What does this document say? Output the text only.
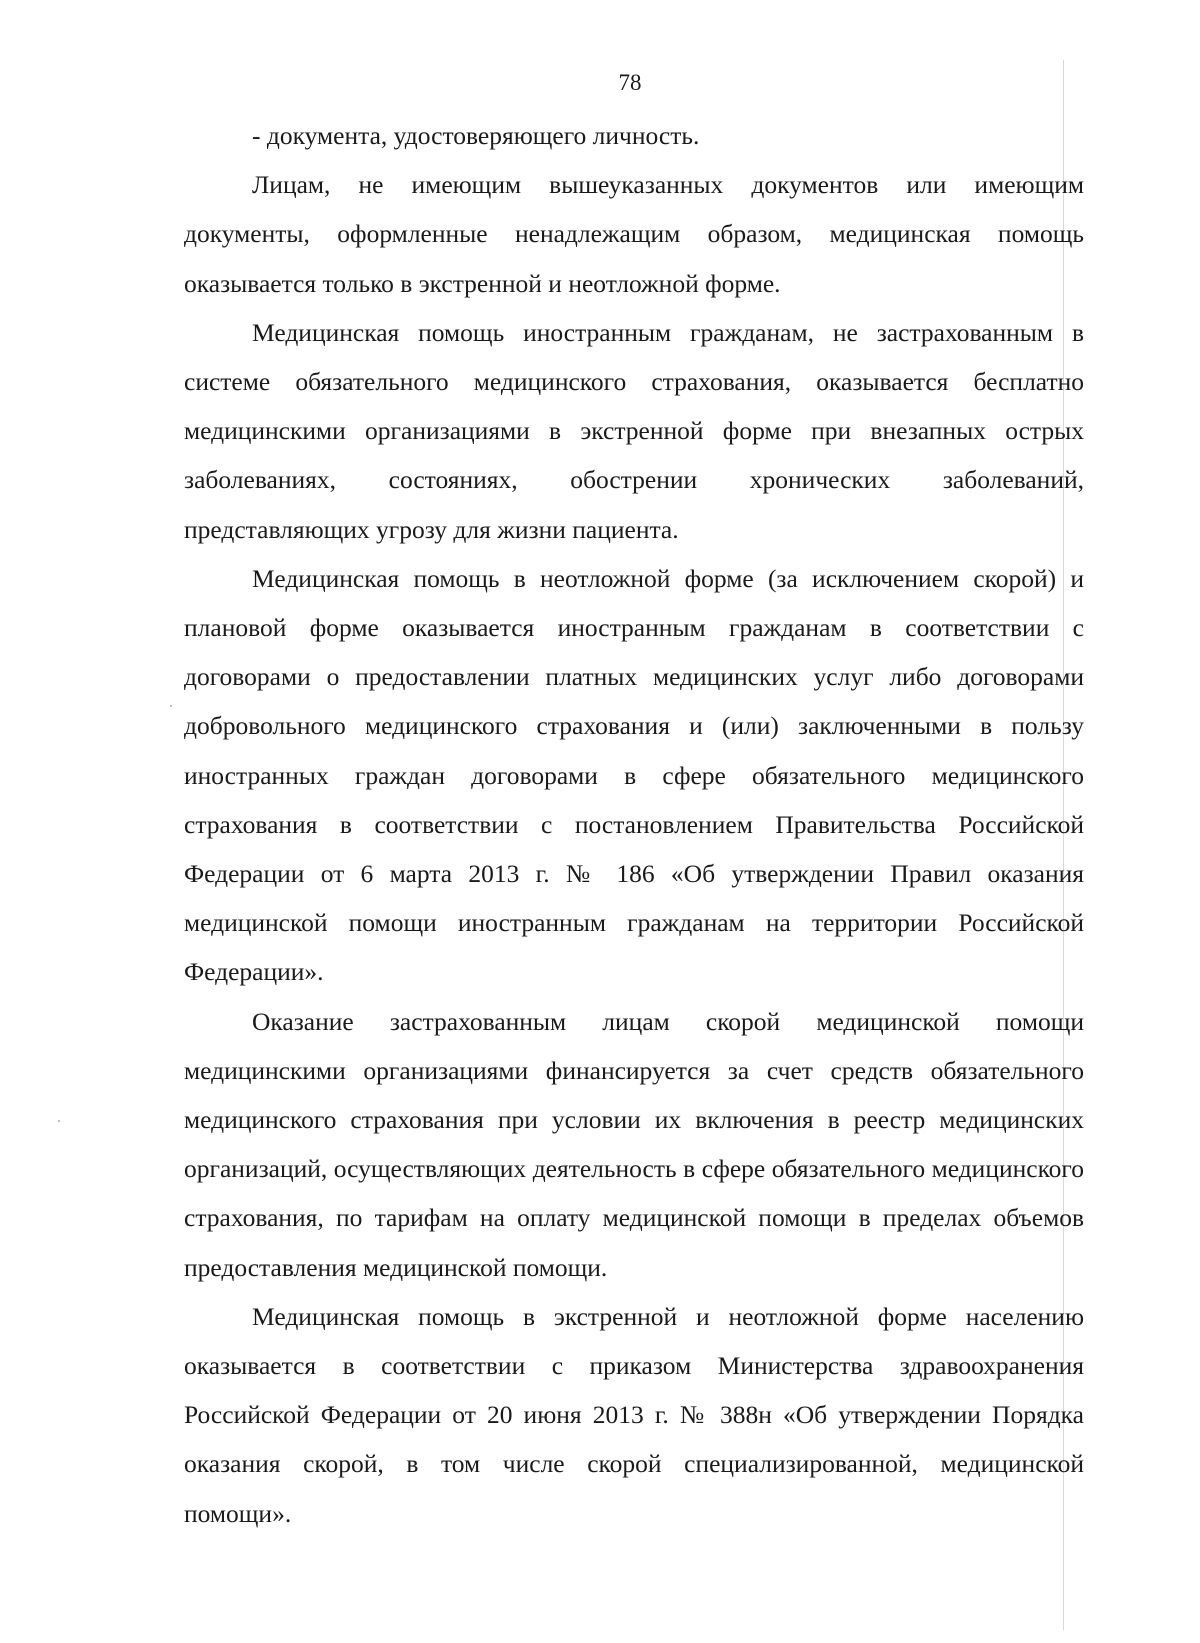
78

- документа, удостоверяющего личность.

Лицам, не имеющим вышеуказанных документов или имеющим документы, оформленные ненадлежащим образом, медицинская помощь оказывается только в экстренной и неотложной форме.

Медицинская помощь иностранным гражданам, не застрахованным в системе обязательного медицинского страхования, оказывается бесплатно медицинскими организациями в экстренной форме при внезапных острых заболеваниях, состояниях, обострении хронических заболеваний, представляющих угрозу для жизни пациента.

Медицинская помощь в неотложной форме (за исключением скорой) и плановой форме оказывается иностранным гражданам в соответствии с договорами о предоставлении платных медицинских услуг либо договорами добровольного медицинского страхования и (или) заключенными в пользу иностранных граждан договорами в сфере обязательного медицинского страхования в соответствии с постановлением Правительства Российской Федерации от 6 марта 2013 г. № 186 «Об утверждении Правил оказания медицинской помощи иностранным гражданам на территории Российской Федерации».

Оказание застрахованным лицам скорой медицинской помощи медицинскими организациями финансируется за счет средств обязательного медицинского страхования при условии их включения в реестр медицинских организаций, осуществляющих деятельность в сфере обязательного медицинского страхования, по тарифам на оплату медицинской помощи в пределах объемов предоставления медицинской помощи.

Медицинская помощь в экстренной и неотложной форме населению оказывается в соответствии с приказом Министерства здравоохранения Российской Федерации от 20 июня 2013 г. № 388н «Об утверждении Порядка оказания скорой, в том числе скорой специализированной, медицинской помощи».
